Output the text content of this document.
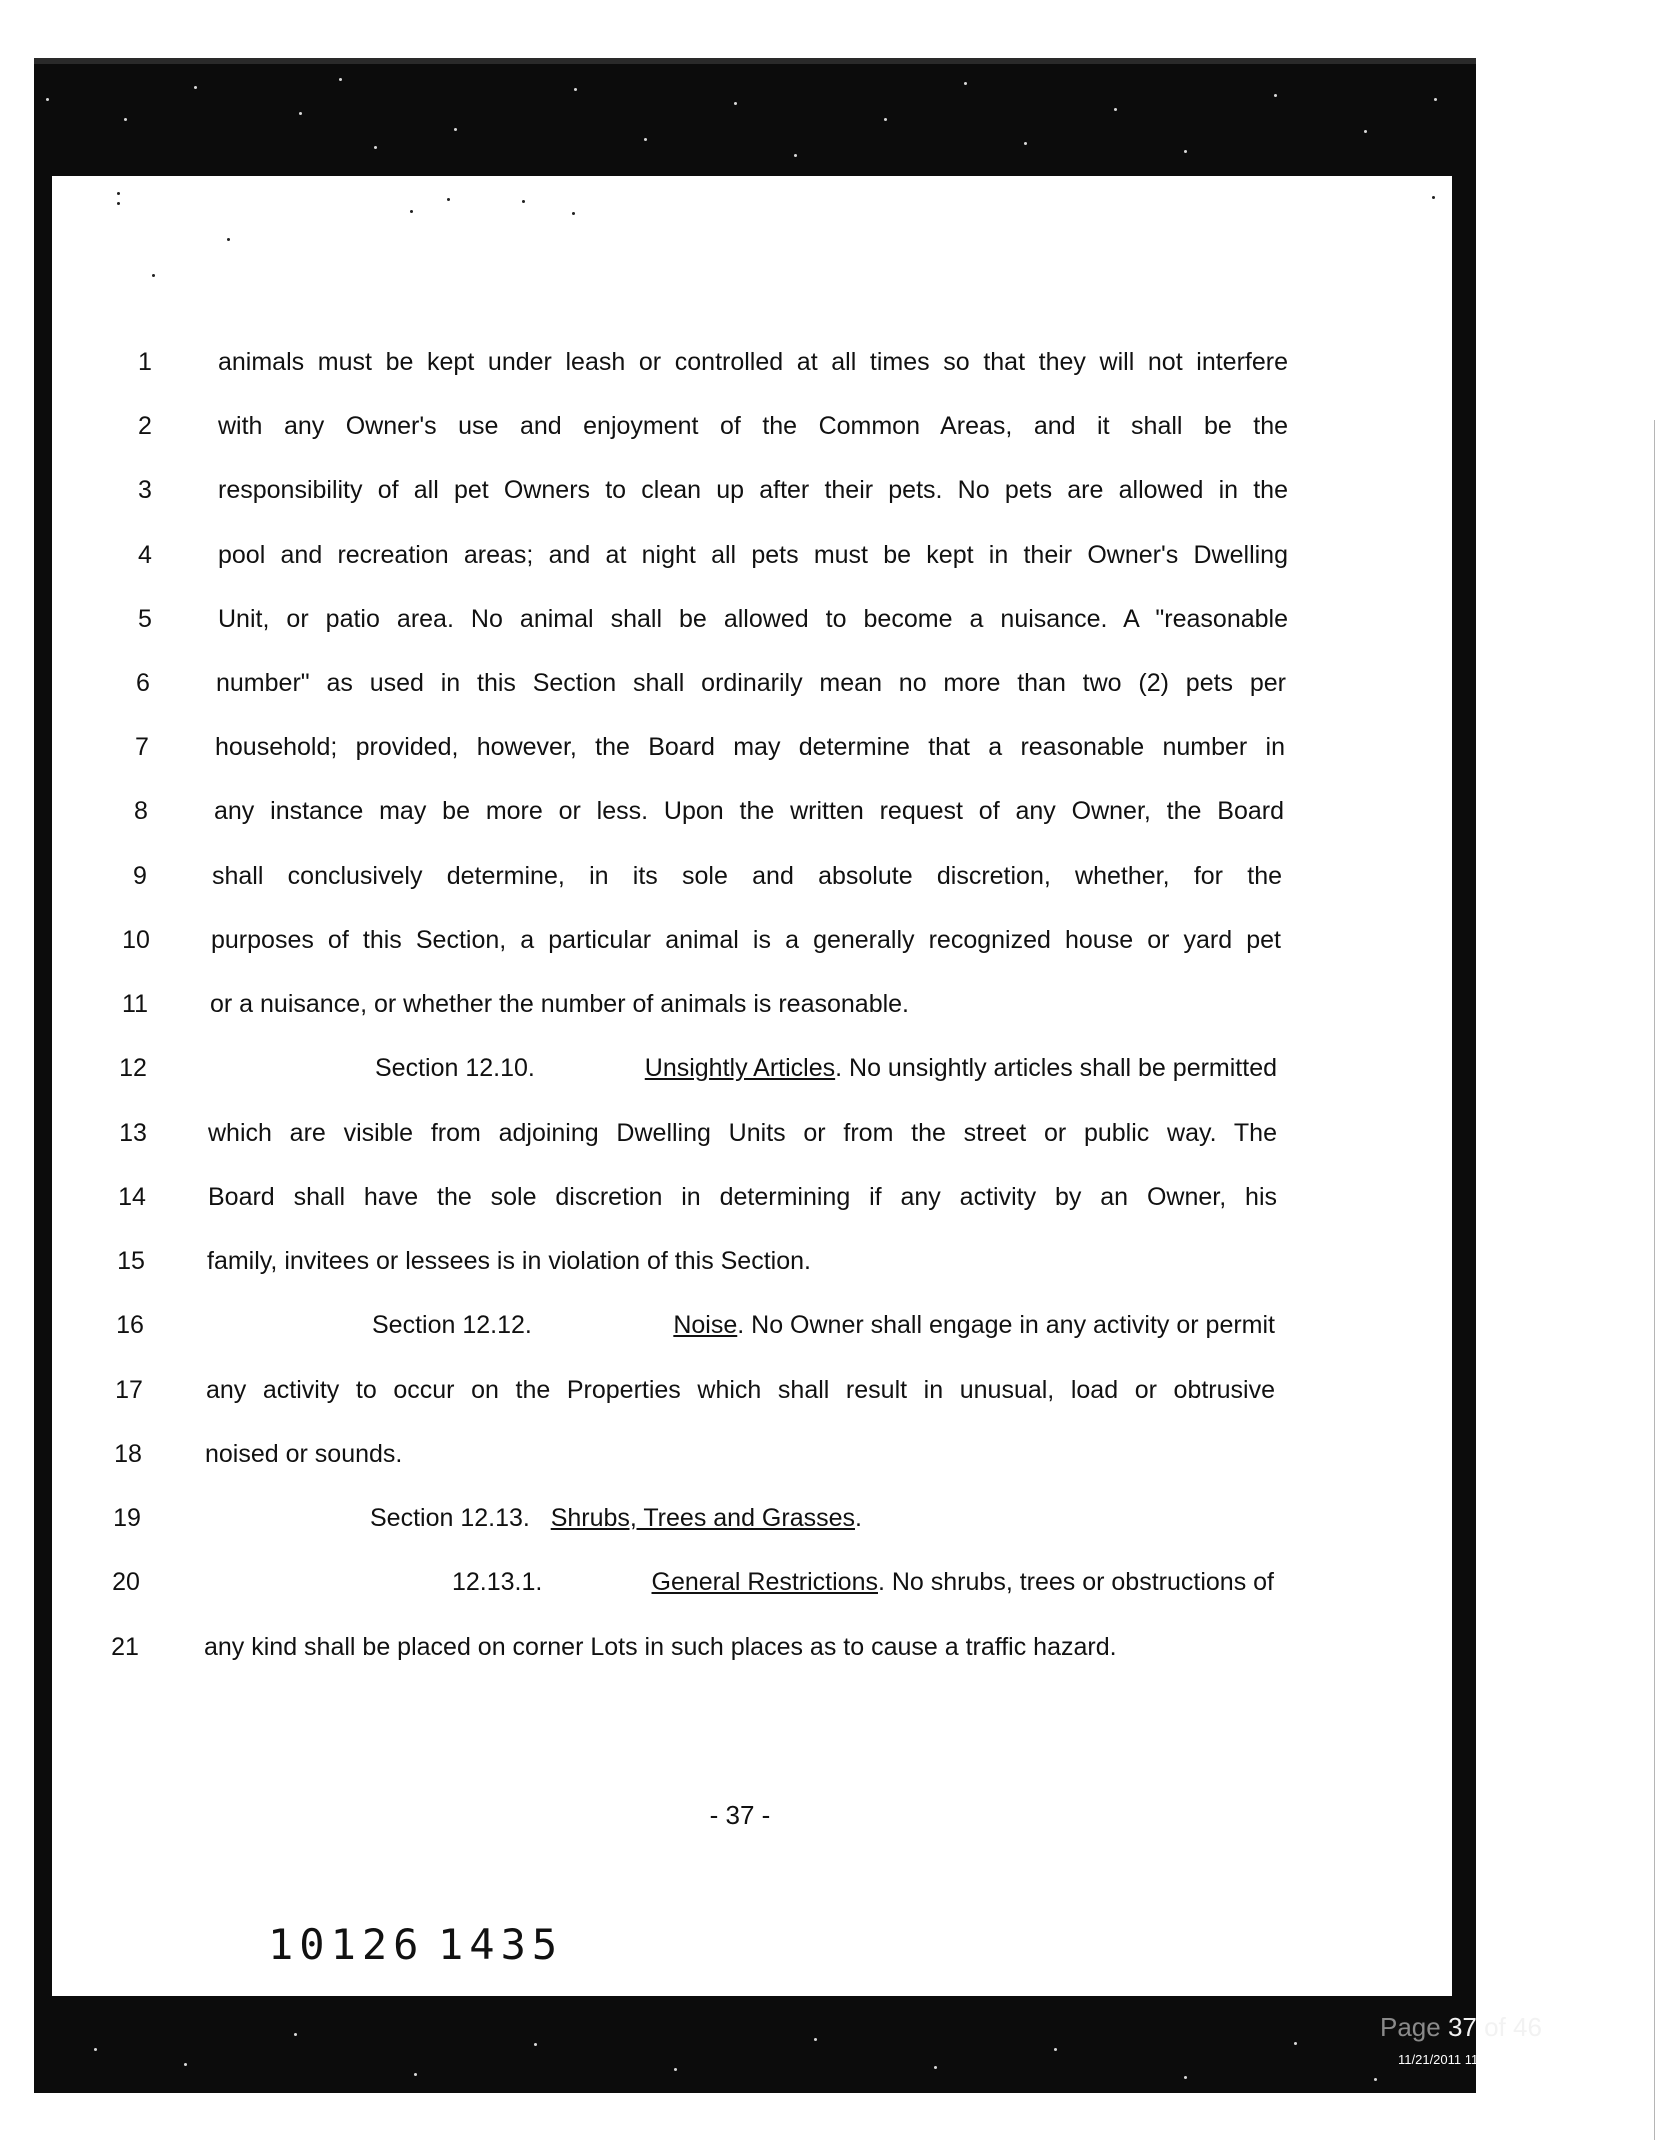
1	animals must be kept under leash or controlled at all times so that they will not interfere
2	with any Owner's use and enjoyment of the Common Areas, and it shall be the
3	responsibility of all pet Owners to clean up after their pets. No pets are allowed in the
4	pool and recreation areas; and at night all pets must be kept in their Owner's Dwelling
5	Unit, or patio area. No animal shall be allowed to become a nuisance. A "reasonable
6	number" as used in this Section shall ordinarily mean no more than two (2) pets per
7	household; provided, however, the Board may determine that a reasonable number in
8	any instance may be more or less. Upon the written request of any Owner, the Board
9	shall conclusively determine, in its sole and absolute discretion, whether, for the
10	purposes of this Section, a particular animal is a generally recognized house or yard pet
11	or a nuisance, or whether the number of animals is reasonable.
12	Section 12.10.	Unsightly Articles. No unsightly articles shall be permitted
13	which are visible from adjoining Dwelling Units or from the street or public way. The
14	Board shall have the sole discretion in determining if any activity by an Owner, his
15	family, invitees or lessees is in violation of this Section.
16	Section 12.12.	Noise. No Owner shall engage in any activity or permit
17	any activity to occur on the Properties which shall result in unusual, load or obtrusive
18	noised or sounds.
19	Section 12.13. Shrubs, Trees and Grasses.
20	12.13.1.	General Restrictions. No shrubs, trees or obstructions of
21	any kind shall be placed on corner Lots in such places as to cause a traffic hazard.
- 37 -
10126 1435
Page 37 of 46
11/21/2011 11:49 AM
